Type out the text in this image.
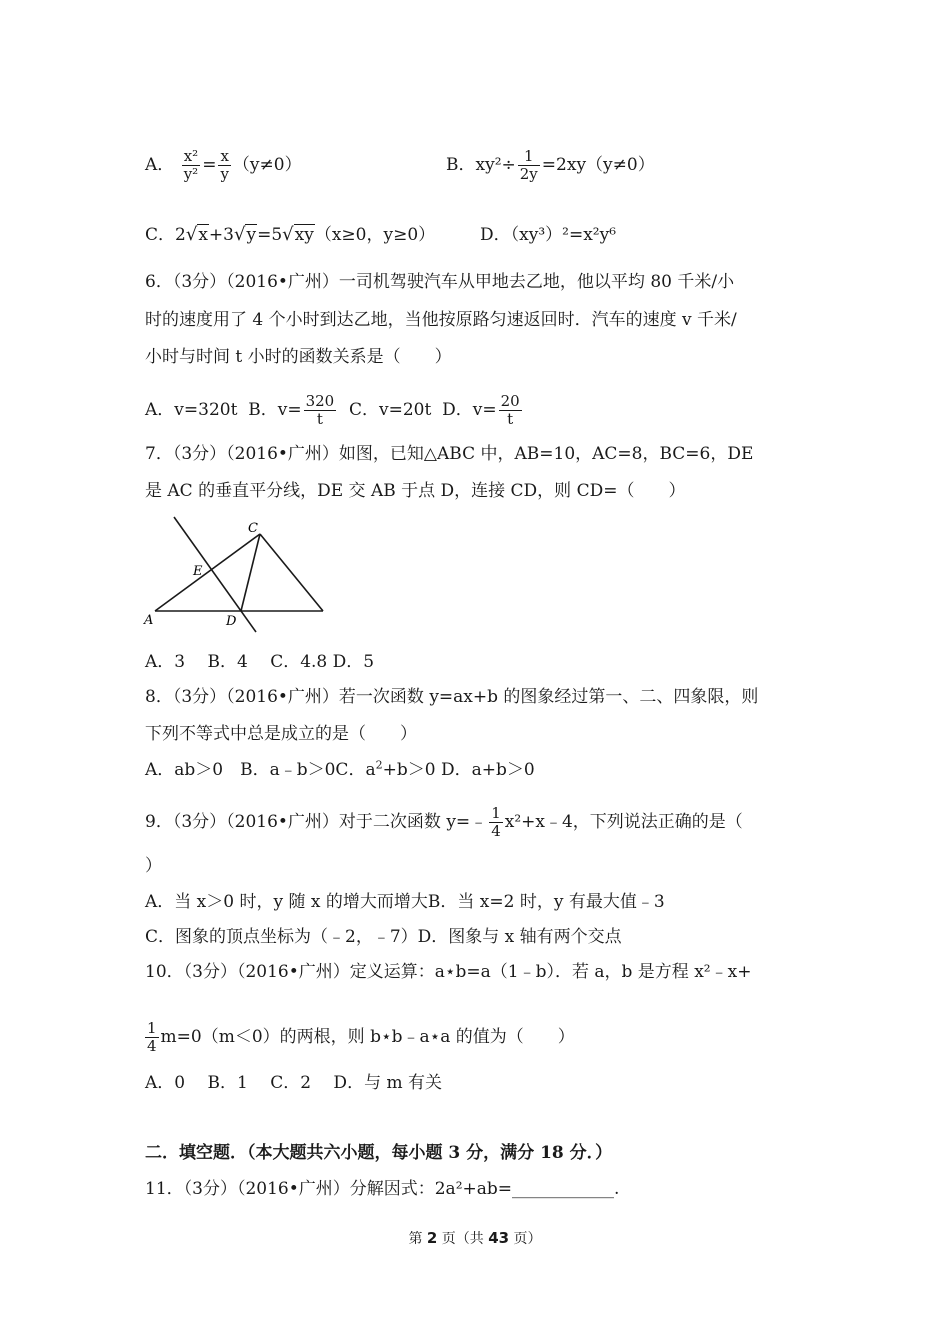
A． $\frac{\text{x²}}{\text{y²}} = \frac{x}{y} (y\ne 0)$	B．$xy^2\div \frac{1}{2y} =2xy(y\ne 0)$
C．2√x+3√y=5√xy（x≥0，y≥0）	D．（xy³）²=x²y⁶
6．（3分）（2016•广州）一司机驾驶汽车从甲地去乙地，他以平均 80 千米/小
时的速度用了 4 个小时到达乙地，当他按原路匀速返回时．汽车的速度 v 千米/
小时与时间 t 小时的函数关系是（　　）
A．v=320t B．$v= \frac{320}{t}$ C．v=20t D．$v= \frac{20}{t}$
7．（3分）（2016•广州）如图，已知△ABC 中，AB=10，AC=8，BC=6，DE
是 AC 的垂直平分线，DE 交 AB 于点 D，连接 CD，则 CD=（　　）
C
E
A	D
A．3　 B．4　 C．4.8 D．5
8．（3分）（2016•广州）若一次函数 y=ax+b 的图象经过第一、二、四象限，则
下列不等式中总是成立的是（　　）
A．ab＞0　B．a﹣b＞0C．$a^2+b>0$ D．a+b＞0
9．（3分）（2016•广州）对于二次函数 y=﹣ $\frac{1}{4}$ x²+x﹣4，下列说法正确的是（
）
A．当 x＞0 时，y 随 x 的增大而增大B．当 x=2 时，y 有最大值﹣3
C．图象的顶点坐标为（﹣2，﹣7）D．图象与 x 轴有两个交点
10．（3分）（2016•广州）定义运算：a⋆b=a（1﹣b）．若 a，b 是方程 x²﹣x+
$\frac{1}{4} m=0(m<0)$的两根，则 b⋆b﹣a⋆a 的值为（　　）
A．0　 B．1　 C．2　 D．与 m 有关
二．填空题．（本大题共六小题，每小题 3 分，满分 18 分．）
11．（3分）（2016•广州）分解因式：2a²+ab=____________.
第 2 页（共 43 页）
